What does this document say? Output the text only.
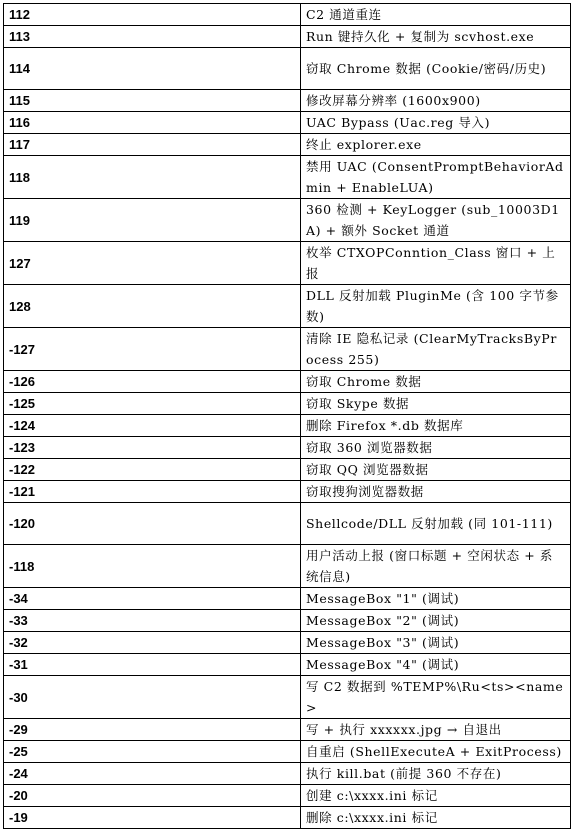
112	C2 通道重连
113	Run 键持久化 + 复制为 scvhost.exe
114	窃取 Chrome 数据 (Cookie/密码/历史)
115	修改屏幕分辨率 (1600x900)
116	UAC Bypass (Uac.reg 导入)
117	终止 explorer.exe
118	禁用 UAC (ConsentPromptBehaviorAdmin + EnableLUA)
119	360 检测 + KeyLogger (sub_10003D1A) + 额外 Socket 通道
127	枚举 CTXOPConntion_Class 窗口 + 上报
128	DLL 反射加载 PluginMe (含 100 字节参数)
-127	清除 IE 隐私记录 (ClearMyTracksByProcess 255)
-126	窃取 Chrome 数据
-125	窃取 Skype 数据
-124	删除 Firefox *.db 数据库
-123	窃取 360 浏览器数据
-122	窃取 QQ 浏览器数据
-121	窃取搜狗浏览器数据
-120	Shellcode/DLL 反射加载 (同 101-111)
-118	用户活动上报 (窗口标题 + 空闲状态 + 系统信息)
-34	MessageBox "1" (调试)
-33	MessageBox "2" (调试)
-32	MessageBox "3" (调试)
-31	MessageBox "4" (调试)
-30	写 C2 数据到 %TEMP%\Ru<ts><name>
-29	写 + 执行 xxxxxx.jpg → 自退出
-25	自重启 (ShellExecuteA + ExitProcess)
-24	执行 kill.bat (前提 360 不存在)
-20	创建 c:\xxxx.ini 标记
-19	删除 c:\xxxx.ini 标记
